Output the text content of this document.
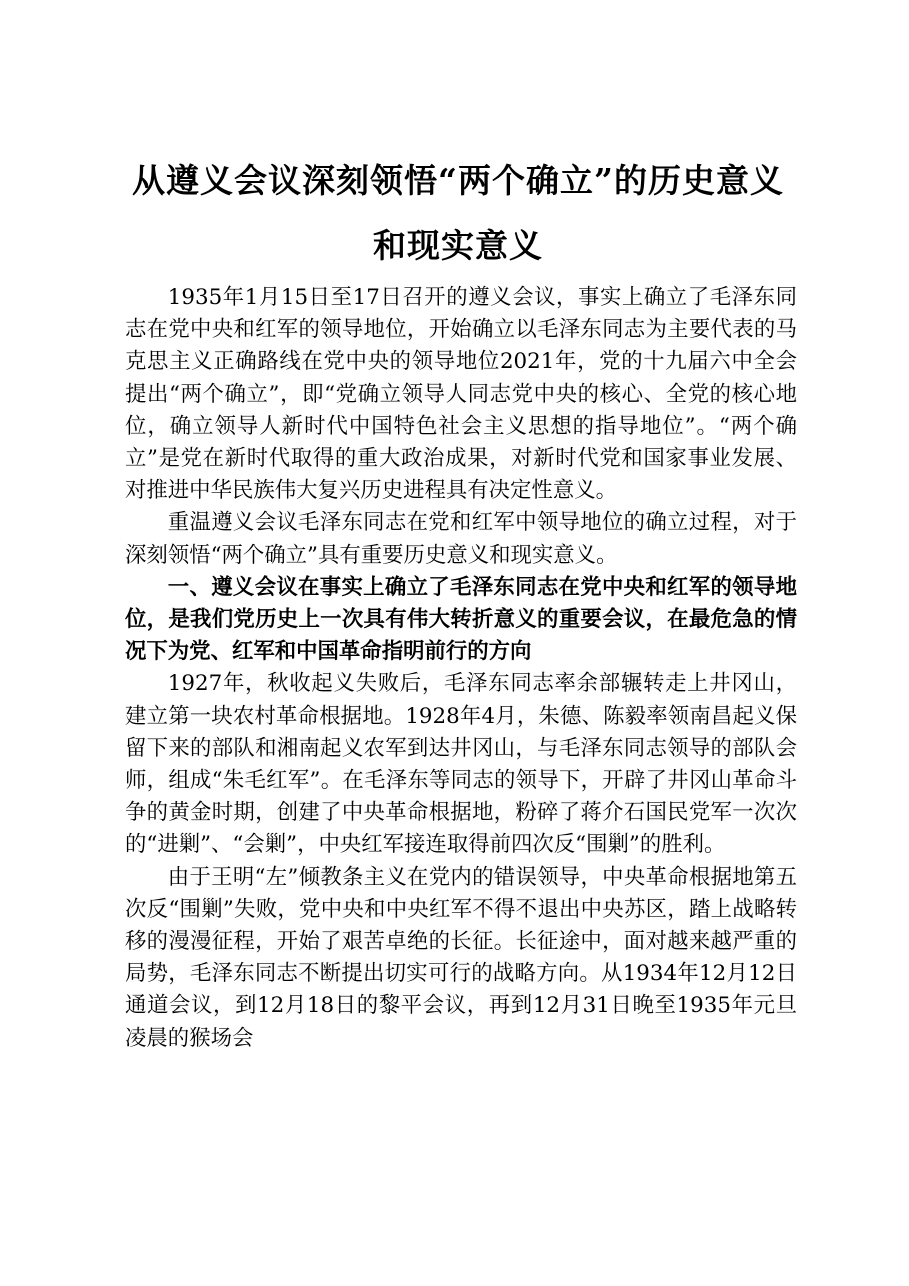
从遵义会议深刻领悟“两个确立”的历史意义
和现实意义

1935年1月15日至17日召开的遵义会议，事实上确立了毛泽东同志在党中央和红军的领导地位，开始确立以毛泽东同志为主要代表的马克思主义正确路线在党中央的领导地位2021年，党的十九届六中全会提出“两个确立”，即“党确立领导人同志党中央的核心、全党的核心地位，确立领导人新时代中国特色社会主义思想的指导地位”。“两个确立”是党在新时代取得的重大政治成果，对新时代党和国家事业发展、对推进中华民族伟大复兴历史进程具有决定性意义。

重温遵义会议毛泽东同志在党和红军中领导地位的确立过程，对于深刻领悟“两个确立”具有重要历史意义和现实意义。

一、遵义会议在事实上确立了毛泽东同志在党中央和红军的领导地位，是我们党历史上一次具有伟大转折意义的重要会议，在最危急的情况下为党、红军和中国革命指明前行的方向

1927年，秋收起义失败后，毛泽东同志率余部辗转走上井冈山，建立第一块农村革命根据地。1928年4月，朱德、陈毅率领南昌起义保留下来的部队和湘南起义农军到达井冈山，与毛泽东同志领导的部队会师，组成“朱毛红军”。在毛泽东等同志的领导下，开辟了井冈山革命斗争的黄金时期，创建了中央革命根据地，粉碎了蒋介石国民党军一次次的“进剿”、“会剿”，中央红军接连取得前四次反“围剿”的胜利。

由于王明“左”倾教条主义在党内的错误领导，中央革命根据地第五次反“围剿”失败，党中央和中央红军不得不退出中央苏区，踏上战略转移的漫漫征程，开始了艰苦卓绝的长征。长征途中，面对越来越严重的局势，毛泽东同志不断提出切实可行的战略方向。从1934年12月12日通道会议，到12月18日的黎平会议，再到12月31日晚至1935年元旦凌晨的猴场会
